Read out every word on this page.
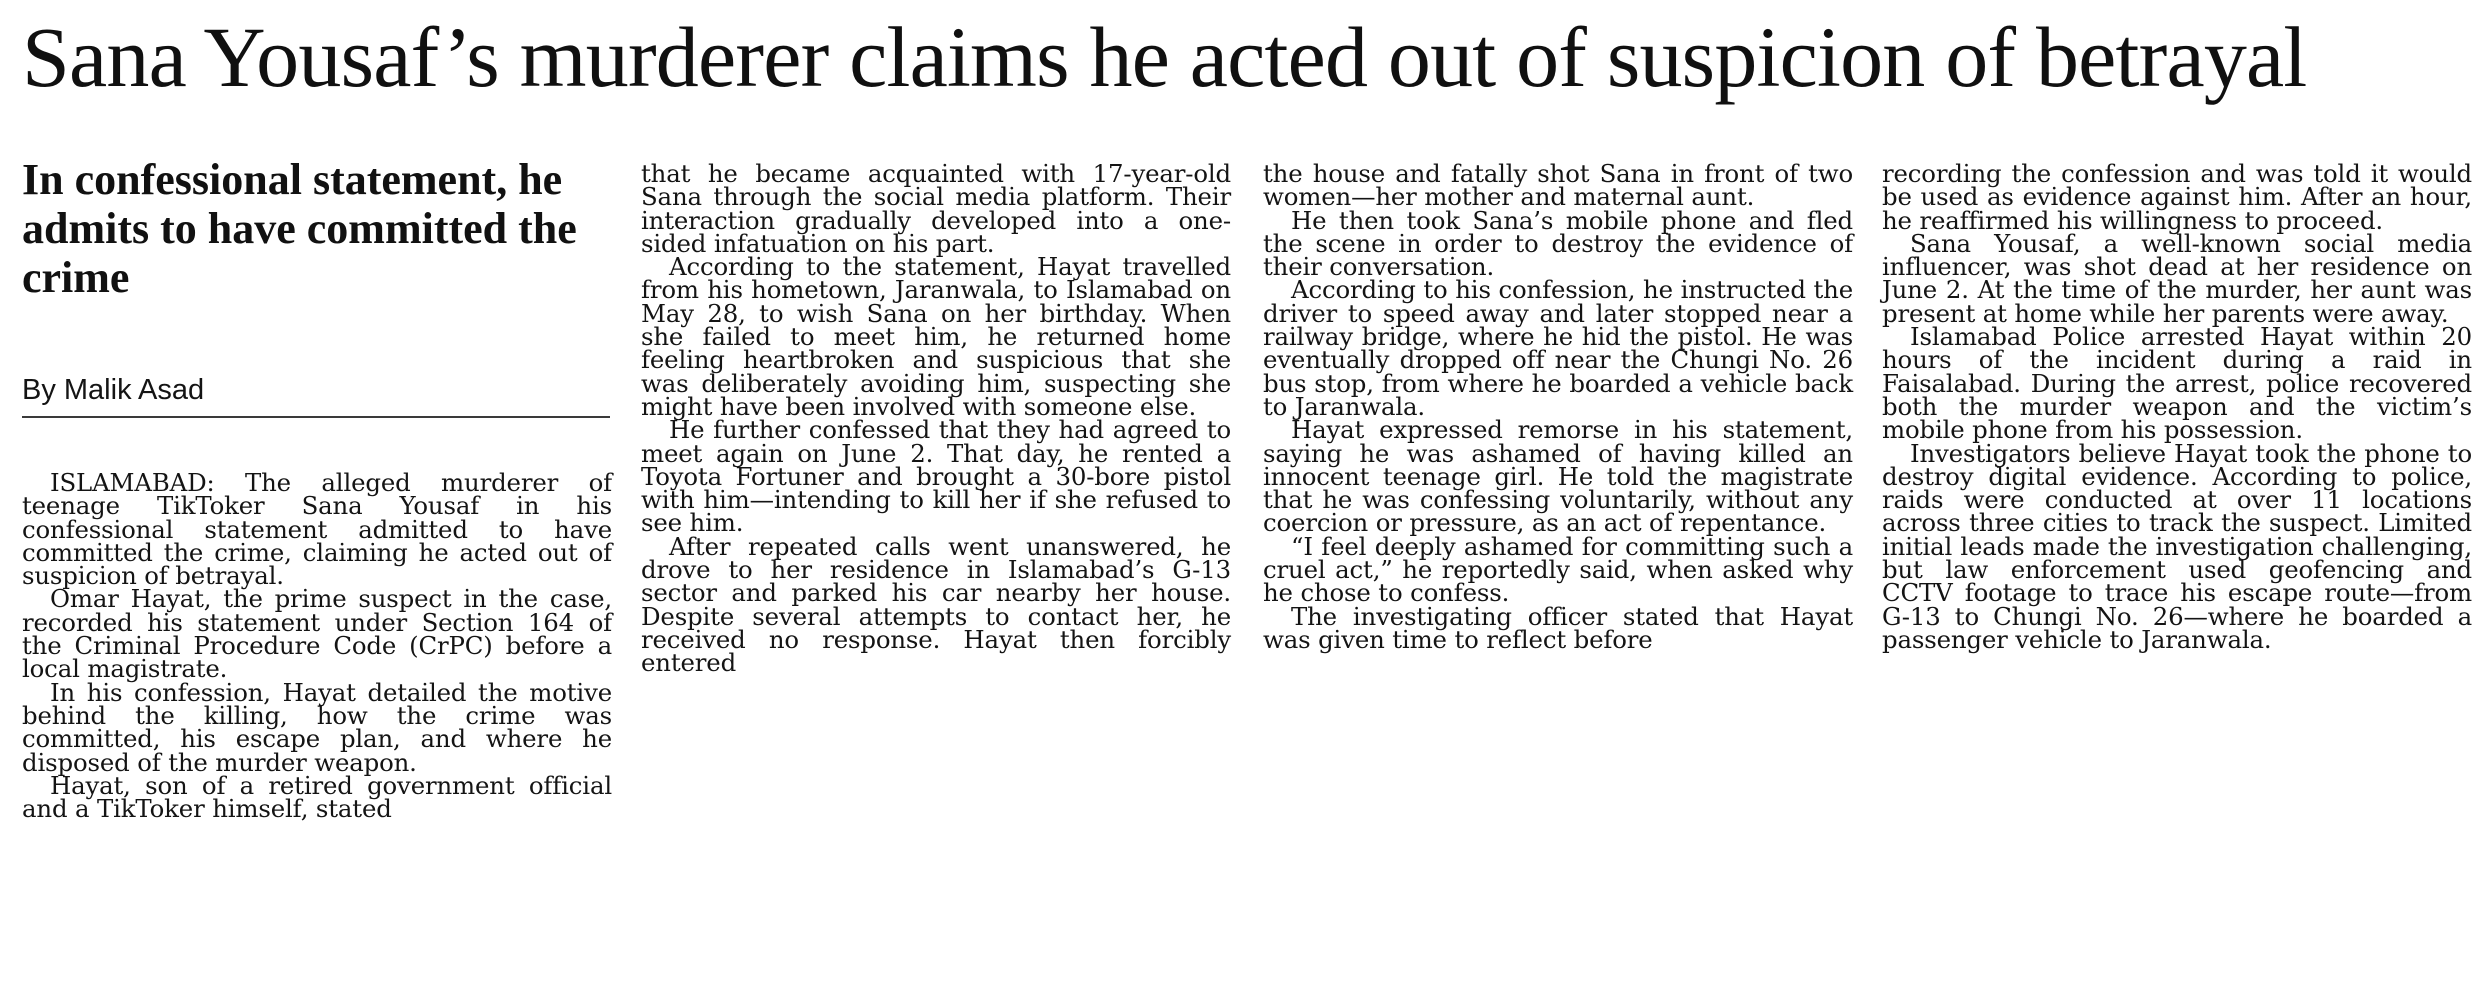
Sana Yousaf’s murderer claims he acted out of suspicion of betrayal
In confessional statement, he admits to have committed the crime
By Malik Asad

ISLAMABAD: The alleged murderer of teenage TikToker Sana Yousaf in his confessional statement admitted to have committed the crime, claiming he acted out of suspicion of betrayal.

Omar Hayat, the prime suspect in the case, recorded his statement under Section 164 of the Criminal Procedure Code (CrPC) before a local magistrate.

In his confession, Hayat detailed the motive behind the killing, how the crime was committed, his escape plan, and where he disposed of the murder weapon.

Hayat, son of a retired government official and a TikToker himself, stated

that he became acquainted with 17-year-old Sana through the social media platform. Their interaction gradually developed into a one-sided infatuation on his part.

According to the statement, Hayat travelled from his hometown, Jaranwala, to Islamabad on May 28, to wish Sana on her birthday. When she failed to meet him, he returned home feeling heartbroken and suspicious that she was deliberately avoiding him, suspecting she might have been involved with someone else.

He further confessed that they had agreed to meet again on June 2. That day, he rented a Toyota Fortuner and brought a 30-bore pistol with him—intending to kill her if she refused to see him.

After repeated calls went unanswered, he drove to her residence in Islamabad’s G-13 sector and parked his car nearby her house. Despite several attempts to contact her, he received no response. Hayat then forcibly entered

the house and fatally shot Sana in front of two women—her mother and maternal aunt.

He then took Sana’s mobile phone and fled the scene in order to destroy the evidence of their conversation.

According to his confession, he instructed the driver to speed away and later stopped near a railway bridge, where he hid the pistol. He was eventually dropped off near the Chungi No. 26 bus stop, from where he boarded a vehicle back to Jaranwala.

Hayat expressed remorse in his statement, saying he was ashamed of having killed an innocent teenage girl. He told the magistrate that he was confessing voluntarily, without any coercion or pressure, as an act of repentance.

“I feel deeply ashamed for committing such a cruel act,” he reportedly said, when asked why he chose to confess.

The investigating officer stated that Hayat was given time to reflect before

recording the confession and was told it would be used as evidence against him. After an hour, he reaffirmed his willingness to proceed.

Sana Yousaf, a well-known social media influencer, was shot dead at her residence on June 2. At the time of the murder, her aunt was present at home while her parents were away.

Islamabad Police arrested Hayat within 20 hours of the incident during a raid in Faisalabad. During the arrest, police recovered both the murder weapon and the victim’s mobile phone from his possession.

Investigators believe Hayat took the phone to destroy digital evidence. According to police, raids were conducted at over 11 locations across three cities to track the suspect. Limited initial leads made the investigation challenging, but law enforcement used geofencing and CCTV footage to trace his escape route—from G-13 to Chungi No. 26—where he boarded a passenger vehicle to Jaranwala.
